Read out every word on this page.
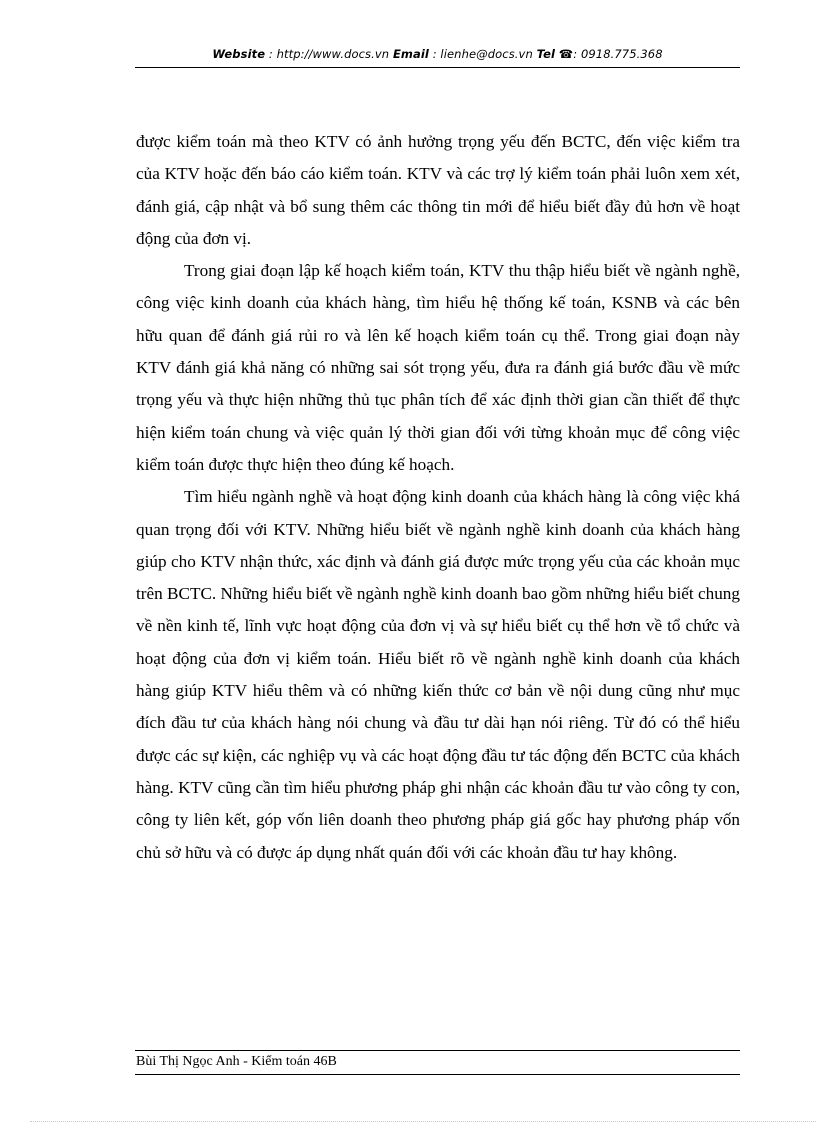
Website : http://www.docs.vn Email : lienhe@docs.vn Tel ☎: 0918.775.368

được kiểm toán mà theo KTV có ảnh hưởng trọng yếu đến BCTC, đến việc kiểm tra của KTV hoặc đến báo cáo kiểm toán. KTV và các trợ lý kiểm toán phải luôn xem xét, đánh giá, cập nhật và bổ sung thêm các thông tin mới để hiểu biết đầy đủ hơn về hoạt động của đơn vị.

Trong giai đoạn lập kế hoạch kiểm toán, KTV thu thập hiểu biết về ngành nghề, công việc kinh doanh của khách hàng, tìm hiểu hệ thống kế toán, KSNB và các bên hữu quan để đánh giá rủi ro và lên kế hoạch kiểm toán cụ thể. Trong giai đoạn này KTV đánh giá khả năng có những sai sót trọng yếu, đưa ra đánh giá bước đầu về mức trọng yếu và thực hiện những thủ tục phân tích để xác định thời gian cần thiết để thực hiện kiểm toán chung và việc quản lý thời gian đối với từng khoản mục để công việc kiểm toán được thực hiện theo đúng kế hoạch.

Tìm hiểu ngành nghề và hoạt động kinh doanh của khách hàng là công việc khá quan trọng đối với KTV. Những hiểu biết về ngành nghề kinh doanh của khách hàng giúp cho KTV nhận thức, xác định và đánh giá được mức trọng yếu của các khoản mục trên BCTC. Những hiểu biết về ngành nghề kinh doanh bao gồm những hiểu biết chung về nền kinh tế, lĩnh vực hoạt động của đơn vị và sự hiểu biết cụ thể hơn về tổ chức và hoạt động của đơn vị kiểm toán. Hiểu biết rõ về ngành nghề kinh doanh của khách hàng giúp KTV hiểu thêm và có những kiến thức cơ bản về nội dung cũng như mục đích đầu tư của khách hàng nói chung và đầu tư dài hạn nói riêng. Từ đó có thể hiểu được các sự kiện, các nghiệp vụ và các hoạt động đầu tư tác động đến BCTC của khách hàng. KTV cũng cần tìm hiểu phương pháp ghi nhận các khoản đầu tư vào công ty con, công ty liên kết, góp vốn liên doanh theo phương pháp giá gốc hay phương pháp vốn chủ sở hữu và có được áp dụng nhất quán đối với các khoản đầu tư hay không.

Bùi Thị Ngọc Anh - Kiểm toán 46B
